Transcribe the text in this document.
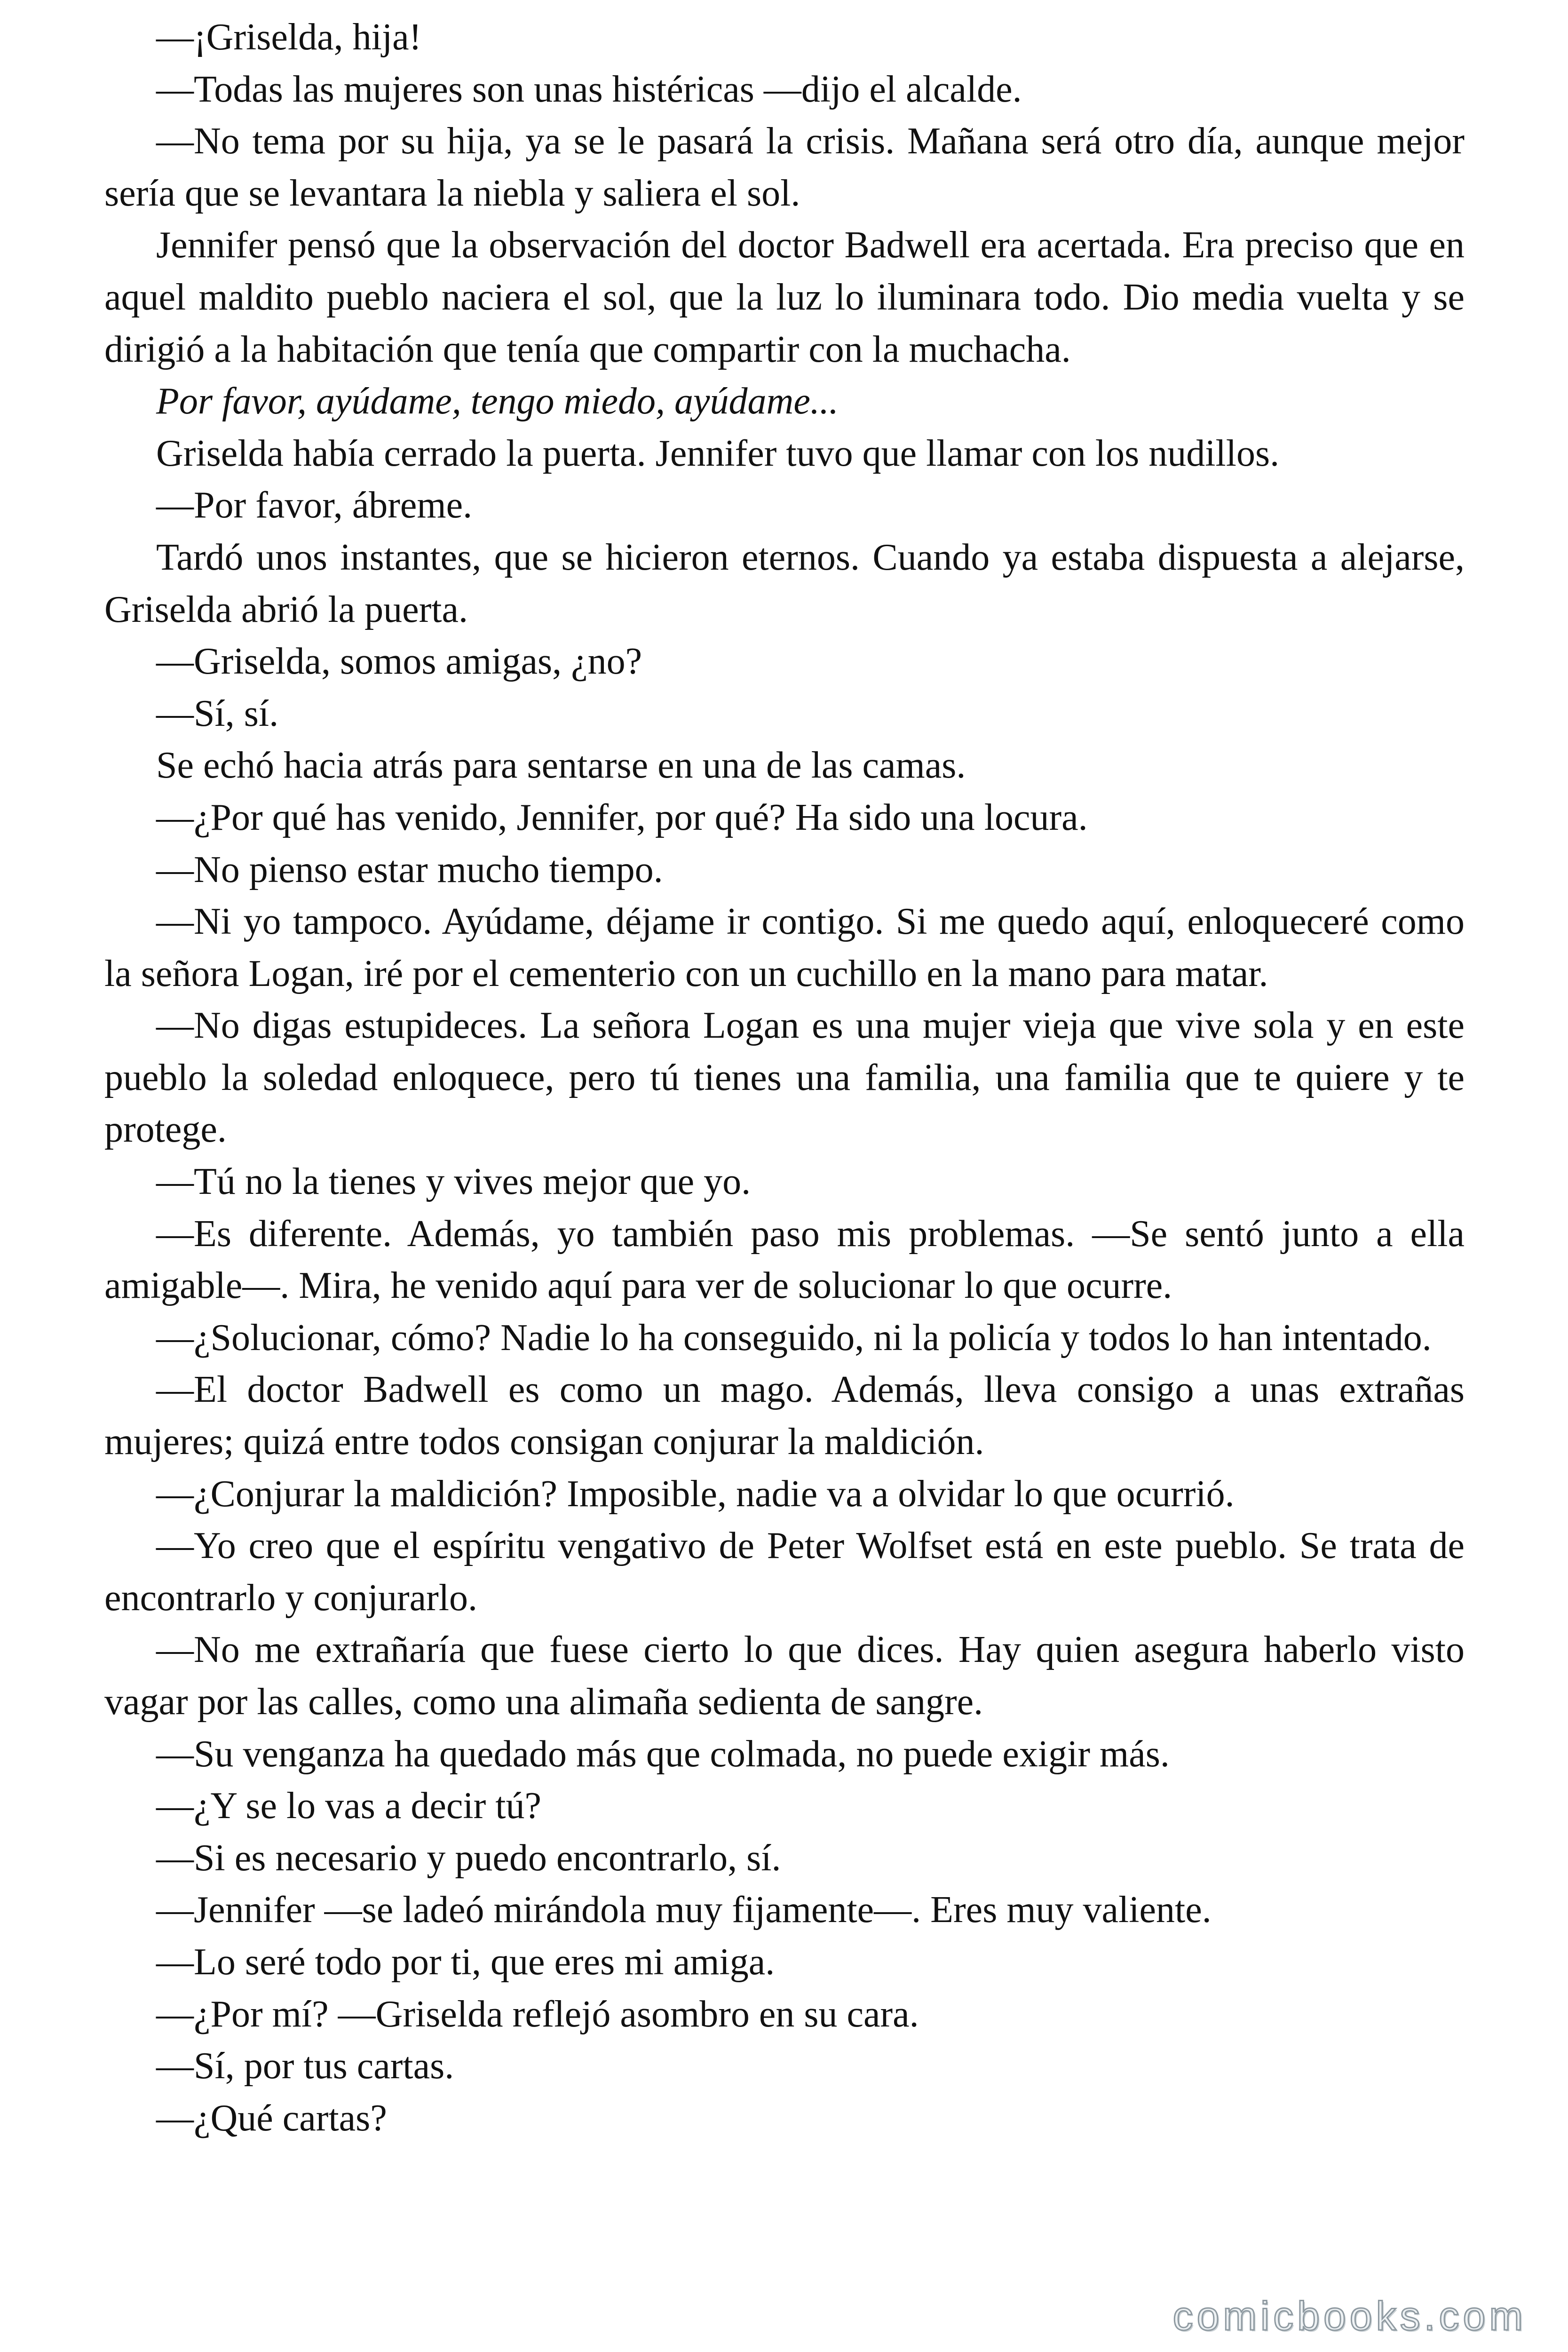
—¡Griselda, hija!

—Todas las mujeres son unas histéricas —dijo el alcalde.

—No tema por su hija, ya se le pasará la crisis. Mañana será otro día, aunque mejor sería que se levantara la niebla y saliera el sol.

Jennifer pensó que la observación del doctor Badwell era acertada. Era preciso que en aquel maldito pueblo naciera el sol, que la luz lo iluminara todo. Dio media vuelta y se dirigió a la habitación que tenía que compartir con la muchacha.

Por favor, ayúdame, tengo miedo, ayúdame...

Griselda había cerrado la puerta. Jennifer tuvo que llamar con los nudillos.

—Por favor, ábreme.

Tardó unos instantes, que se hicieron eternos. Cuando ya estaba dispuesta a alejarse, Griselda abrió la puerta.

—Griselda, somos amigas, ¿no?

—Sí, sí.

Se echó hacia atrás para sentarse en una de las camas.

—¿Por qué has venido, Jennifer, por qué? Ha sido una locura.

—No pienso estar mucho tiempo.

—Ni yo tampoco. Ayúdame, déjame ir contigo. Si me quedo aquí, enloqueceré como la señora Logan, iré por el cementerio con un cuchillo en la mano para matar.

—No digas estupideces. La señora Logan es una mujer vieja que vive sola y en este pueblo la soledad enloquece, pero tú tienes una familia, una familia que te quiere y te protege.

—Tú no la tienes y vives mejor que yo.

—Es diferente. Además, yo también paso mis problemas. —Se sentó junto a ella amigable—. Mira, he venido aquí para ver de solucionar lo que ocurre.

—¿Solucionar, cómo? Nadie lo ha conseguido, ni la policía y todos lo han intentado.

—El doctor Badwell es como un mago. Además, lleva consigo a unas extrañas mujeres; quizá entre todos consigan conjurar la maldición.

—¿Conjurar la maldición? Imposible, nadie va a olvidar lo que ocurrió.

—Yo creo que el espíritu vengativo de Peter Wolfset está en este pueblo. Se trata de encontrarlo y conjurarlo.

—No me extrañaría que fuese cierto lo que dices. Hay quien asegura haberlo visto vagar por las calles, como una alimaña sedienta de sangre.

—Su venganza ha quedado más que colmada, no puede exigir más.

—¿Y se lo vas a decir tú?

—Si es necesario y puedo encontrarlo, sí.

—Jennifer —se ladeó mirándola muy fijamente—. Eres muy valiente.

—Lo seré todo por ti, que eres mi amiga.

—¿Por mí? —Griselda reflejó asombro en su cara.

—Sí, por tus cartas.

—¿Qué cartas?

comicbooks.com
